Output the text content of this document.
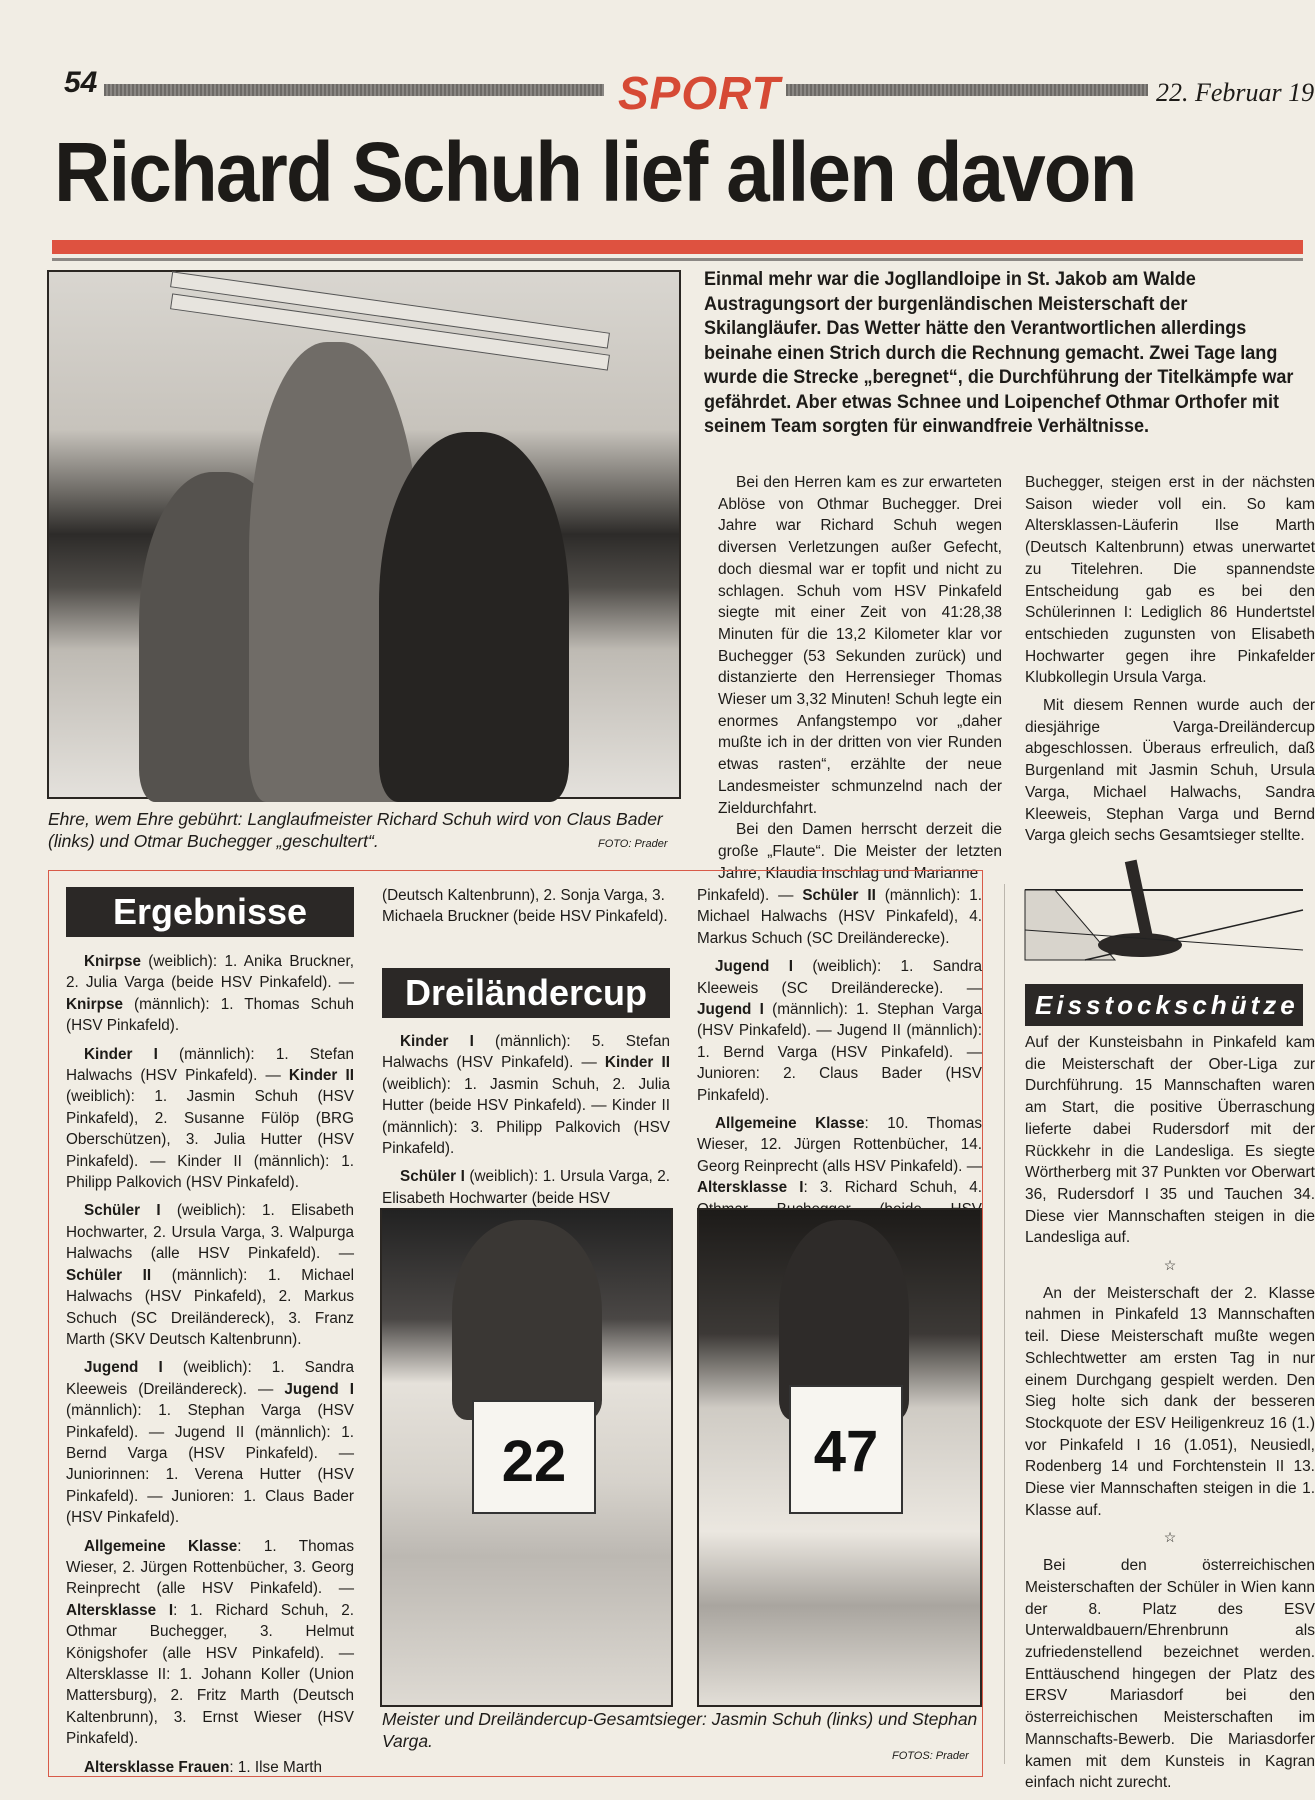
54	SPORT	22. Februar 19
Richard Schuh lief allen davon
Ehre, wem Ehre gebührt: Langlaufmeister Richard Schuh wird von Claus Bader (links) und Otmar Buchegger „geschultert“.	FOTO: Prader
Einmal mehr war die Jogllandloipe in St. Jakob am Walde Austragungsort der burgenländischen Meisterschaft der Skilangläufer. Das Wetter hätte den Verantwortlichen allerdings beinahe einen Strich durch die Rechnung gemacht. Zwei Tage lang wurde die Strecke „beregnet“, die Durchführung der Titelkämpfe war gefährdet. Aber etwas Schnee und Loipenchef Othmar Orthofer mit seinem Team sorgten für einwandfreie Verhältnisse.

Bei den Herren kam es zur erwarteten Ablöse von Othmar Buchegger. Drei Jahre war Richard Schuh wegen diversen Verletzungen außer Gefecht, doch diesmal war er topfit und nicht zu schlagen. Schuh vom HSV Pinkafeld siegte mit einer Zeit von 41:28,38 Minuten für die 13,2 Kilometer klar vor Buchegger (53 Sekunden zurück) und distanzierte den Herrensieger Thomas Wieser um 3,32 Minuten! Schuh legte ein enormes Anfangstempo vor „daher mußte ich in der dritten von vier Runden etwas rasten“, erzählte der neue Landesmeister schmunzelnd nach der Zieldurchfahrt.

Bei den Damen herrscht derzeit die große „Flaute“. Die Meister der letzten Jahre, Klaudia Inschlag und Marianne

Buchegger, steigen erst in der nächsten Saison wieder voll ein. So kam Altersklassen-Läuferin Ilse Marth (Deutsch Kaltenbrunn) etwas unerwartet zu Titelehren. Die spannendste Entscheidung gab es bei den Schülerinnen I: Lediglich 86 Hundertstel entschieden zugunsten von Elisabeth Hochwarter gegen ihre Pinkafelder Klubkollegin Ursula Varga.

Mit diesem Rennen wurde auch der diesjährige Varga-Dreiländercup abgeschlossen. Überaus erfreulich, daß Burgenland mit Jasmin Schuh, Ursula Varga, Michael Halwachs, Sandra Kleeweis, Stephan Varga und Bernd Varga gleich sechs Gesamtsieger stellte.

Ergebnisse

Knirpse (weiblich): 1. Anika Bruckner, 2. Julia Varga (beide HSV Pinkafeld). — Knirpse (männlich): 1. Thomas Schuh (HSV Pinkafeld).

Kinder I (männlich): 1. Stefan Halwachs (HSV Pinkafeld). — Kinder II (weiblich): 1. Jasmin Schuh (HSV Pinkafeld), 2. Susanne Fülöp (BRG Oberschützen), 3. Julia Hutter (HSV Pinkafeld). — Kinder II (männlich): 1. Philipp Palkovich (HSV Pinkafeld).

Schüler I (weiblich): 1. Elisabeth Hochwarter, 2. Ursula Varga, 3. Walpurga Halwachs (alle HSV Pinkafeld). — Schüler II (männlich): 1. Michael Halwachs (HSV Pinkafeld), 2. Markus Schuch (SC Dreiländereck), 3. Franz Marth (SKV Deutsch Kaltenbrunn).

Jugend I (weiblich): 1. Sandra Kleeweis (Dreiländereck). — Jugend I (männlich): 1. Stephan Varga (HSV Pinkafeld). — Jugend II (männlich): 1. Bernd Varga (HSV Pinkafeld). — Juniorinnen: 1. Verena Hutter (HSV Pinkafeld). — Junioren: 1. Claus Bader (HSV Pinkafeld).

Allgemeine Klasse: 1. Thomas Wieser, 2. Jürgen Rottenbücher, 3. Georg Reinprecht (alle HSV Pinkafeld). — Altersklasse I: 1. Richard Schuh, 2. Othmar Buchegger, 3. Helmut Königshofer (alle HSV Pinkafeld). — Altersklasse II: 1. Johann Koller (Union Mattersburg), 2. Fritz Marth (Deutsch Kaltenbrunn), 3. Ernst Wieser (HSV Pinkafeld).

Altersklasse Frauen: 1. Ilse Marth

(Deutsch Kaltenbrunn), 2. Sonja Varga, 3. Michaela Bruckner (beide HSV Pinkafeld).
Dreiländercup

Kinder I (männlich): 5. Stefan Halwachs (HSV Pinkafeld). — Kinder II (weiblich): 1. Jasmin Schuh, 2. Julia Hutter (beide HSV Pinkafeld). — Kinder II (männlich): 3. Philipp Palkovich (HSV Pinkafeld).

Schüler I (weiblich): 1. Ursula Varga, 2. Elisabeth Hochwarter (beide HSV

Pinkafeld). — Schüler II (männlich): 1. Michael Halwachs (HSV Pinkafeld), 4. Markus Schuch (SC Dreiländerecke).

Jugend I (weiblich): 1. Sandra Kleeweis (SC Dreiländerecke). — Jugend I (männlich): 1. Stephan Varga (HSV Pinkafeld). — Jugend II (männlich): 1. Bernd Varga (HSV Pinkafeld). — Junioren: 2. Claus Bader (HSV Pinkafeld).

Allgemeine Klasse: 10. Thomas Wieser, 12. Jürgen Rottenbücher, 14. Georg Reinprecht (alls HSV Pinkafeld). — Altersklasse I: 3. Richard Schuh, 4.

22	47
Meister und Dreiländercup-Gesamtsieger: Jasmin Schuh (links) und Stephan Varga.
FOTOS: Prader
Eisstockschütze

Auf der Kunsteisbahn in Pinkafeld kam die Meisterschaft der Ober-Liga zur Durchführung. 15 Mannschaften waren am Start, die positive Überraschung lieferte dabei Rudersdorf mit der Rückkehr in die Landesliga. Es siegte Wörtherberg mit 37 Punkten vor Oberwart 36, Rudersdorf I 35 und Tauchen 34. Diese vier Mannschaften steigen in die Landesliga auf.

☆

An der Meisterschaft der 2. Klasse nahmen in Pinkafeld 13 Mannschaften teil. Diese Meisterschaft mußte wegen Schlechtwetter am ersten Tag in nur einem Durchgang gespielt werden. Den Sieg holte sich dank der besseren Stockquote der ESV Heiligenkreuz 16 (1.) vor Pinkafeld I 16 (1.051), Neusiedl, Rodenberg 14 und Forchtenstein II 13. Diese vier Mannschaften steigen in die 1. Klasse auf.

☆

Bei den österreichischen Meisterschaften der Schüler in Wien kann der 8. Platz des ESV Unterwaldbauern/Ehrenbrunn als zufriedenstellend bezeichnet werden. Enttäuschend hingegen der Platz des ERSV Mariasdorf bei den österreichischen Meisterschaften im Mannschafts-Bewerb. Die Mariasdorfer kamen mit dem Kunsteis in Kagran einfach nicht zurecht.
